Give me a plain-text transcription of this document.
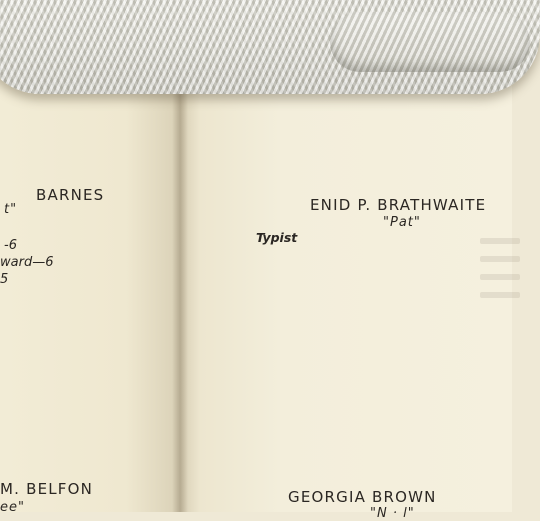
BARNES
t"
-6
ward—6
5
M. BELFON
ee"
ENID P. BRATHWAITE
"Pat"
Typist
GEORGIA BROWN
"N · l"
